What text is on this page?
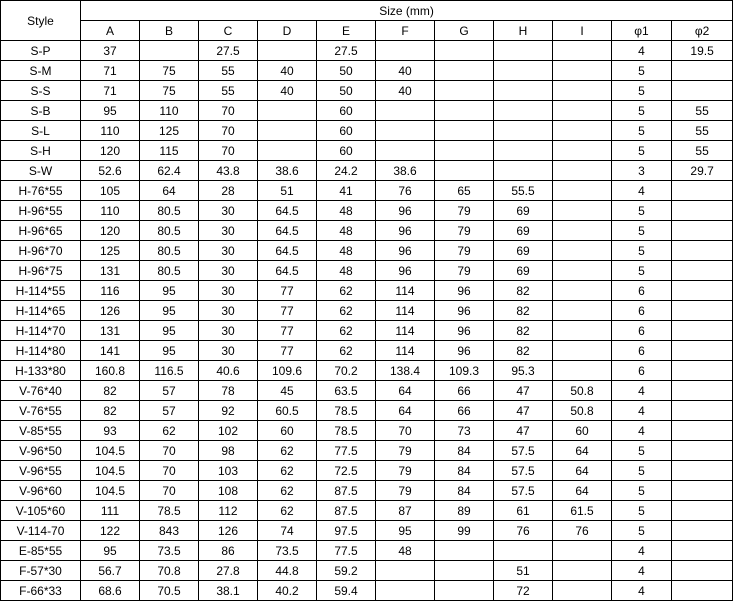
Style	Size (mm)										
	A	B	C	D	E	F	G	H	I	φ1	φ2
S-P	37		27.5		27.5					4	19.5
S-M	71	75	55	40	50	40				5	
S-S	71	75	55	40	50	40				5	
S-B	95	110	70		60					5	55
S-L	110	125	70		60					5	55
S-H	120	115	70		60					5	55
S-W	52.6	62.4	43.8	38.6	24.2	38.6				3	29.7
H-76*55	105	64	28	51	41	76	65	55.5		4	
H-96*55	110	80.5	30	64.5	48	96	79	69		5	
H-96*65	120	80.5	30	64.5	48	96	79	69		5	
H-96*70	125	80.5	30	64.5	48	96	79	69		5	
H-96*75	131	80.5	30	64.5	48	96	79	69		5	
H-114*55	116	95	30	77	62	114	96	82		6	
H-114*65	126	95	30	77	62	114	96	82		6	
H-114*70	131	95	30	77	62	114	96	82		6	
H-114*80	141	95	30	77	62	114	96	82		6	
H-133*80	160.8	116.5	40.6	109.6	70.2	138.4	109.3	95.3		6	
V-76*40	82	57	78	45	63.5	64	66	47	50.8	4	
V-76*55	82	57	92	60.5	78.5	64	66	47	50.8	4	
V-85*55	93	62	102	60	78.5	70	73	47	60	4	
V-96*50	104.5	70	98	62	77.5	79	84	57.5	64	5	
V-96*55	104.5	70	103	62	72.5	79	84	57.5	64	5	
V-96*60	104.5	70	108	62	87.5	79	84	57.5	64	5	
V-105*60	111	78.5	112	62	87.5	87	89	61	61.5	5	
V-114-70	122	843	126	74	97.5	95	99	76	76	5	
E-85*55	95	73.5	86	73.5	77.5	48				4	
F-57*30	56.7	70.8	27.8	44.8	59.2			51		4	
F-66*33	68.6	70.5	38.1	40.2	59.4			72		4	
